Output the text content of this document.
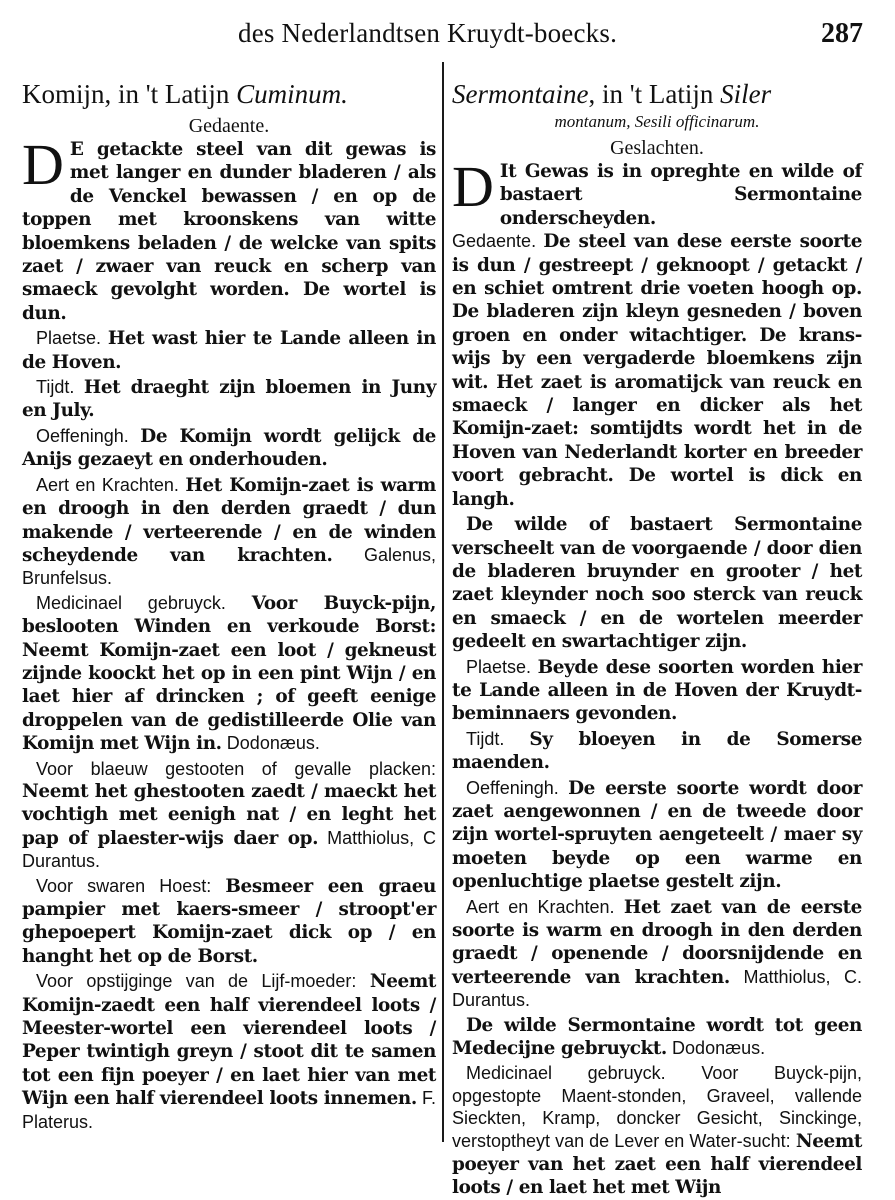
des Nederlandtsen Kruydt-boecks.	287
Komijn, in 't Latijn Cuminum.
Gedaente.

D E getackte steel van dit gewas is met langer en dunder bladeren / als de Venckel bewassen / en op de toppen met kroonskens van witte bloemkens beladen / de welcke van spits zaet / zwaer van reuck en scherp van smaeck gevolght worden. De wortel is dun.

Plaetse. Het wast hier te Lande alleen in de Hoven.

Tijdt. Het draeght zijn bloemen in Juny en July.

Oeffeningh. De Komijn wordt gelijck de Anijs gezaeyt en onderhouden.

Aert en Krachten. Het Komijn-zaet is warm en droogh in den derden graedt / dun makende / verteerende / en de winden scheydende van krachten. Galenus, Brunfelsus.

Medicinael gebruyck. Voor Buyck-pijn, beslooten Winden en verkoude Borst: Neemt Komijn-zaet een loot / gekneust zijnde koockt het op in een pint Wijn / en laet hier af drincken ; of geeft eenige droppelen van de gedistilleerde Olie van Komijn met Wijn in. Dodonæus.

Voor blaeuw gestooten of gevalle placken: Neemt het ghestooten zaedt / maeckt het vochtigh met eenigh nat / en leght het pap of plaester-wijs daer op. Matthiolus, C Durantus.

Voor swaren Hoest: Besmeer een graeu pampier met kaers-smeer / stroopt'er ghepoepert Komijn-zaet dick op / en hanght het op de Borst.

Voor opstijginge van de Lijf-moeder: Neemt Komijn-zaedt een half vierendeel loots / Meester-wortel een vierendeel loots / Peper twintigh greyn / stoot dit te samen tot een fijn poeyer / en laet hier van met Wijn een half vierendeel loots innemen. F. Platerus.

Sermontaine, in 't Latijn Siler
montanum, Sesili officinarum.
Geslachten.

D It Gewas is in opreghte en wilde of bastaert Sermontaine onderscheyden.

Gedaente. De steel van dese eerste soorte is dun / gestreept / geknoopt / getackt / en schiet omtrent drie voeten hoogh op. De bladeren zijn kleyn gesneden / boven groen en onder witachtiger. De krans-wijs by een vergaderde bloemkens zijn wit. Het zaet is aromatijck van reuck en smaeck / langer en dicker als het Komijn-zaet: somtijdts wordt het in de Hoven van Nederlandt korter en breeder voort gebracht. De wortel is dick en langh.

De wilde of bastaert Sermontaine verscheelt van de voorgaende / door dien de bladeren bruynder en grooter / het zaet kleynder noch soo sterck van reuck en smaeck / en de wortelen meerder gedeelt en swartachtiger zijn.

Plaetse. Beyde dese soorten worden hier te Lande alleen in de Hoven der Kruydt-beminnaers gevonden.

Tijdt. Sy bloeyen in de Somerse maenden.

Oeffeningh. De eerste soorte wordt door zaet aengewonnen / en de tweede door zijn wortel-spruyten aengeteelt / maer sy moeten beyde op een warme en openluchtige plaetse gestelt zijn.

Aert en Krachten. Het zaet van de eerste soorte is warm en droogh in den derden graedt / openende / doorsnijdende en verteerende van krachten. Matthiolus, C. Durantus.

De wilde Sermontaine wordt tot geen Medecijne gebruyckt. Dodonæus.

Medicinael gebruyck. Voor Buyck-pijn, opgestopte Maent-stonden, Graveel, vallende Sieckten, Kramp, doncker Gesicht, Sinckinge, verstoptheyt van de Lever en Water-sucht: Neemt poeyer van het zaet een half vierendeel loots / en laet het met Wijn
